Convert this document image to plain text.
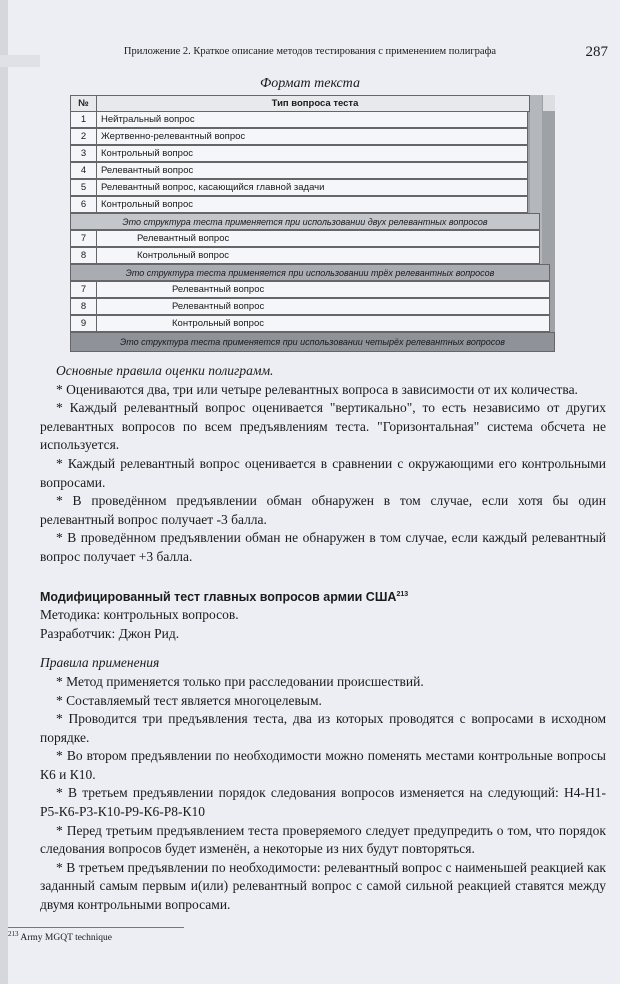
Приложение 2. Краткое описание методов тестирования с применением полиграфа	287
Формат текста
№	Тип вопроса теста
1	Нейтральный вопрос
2	Жертвенно-релевантный вопрос
3	Контрольный вопрос
4	Релевантный вопрос
5	Релевантный вопрос, касающийся главной задачи
6	Контрольный вопрос
Это структура теста применяется при использовании двух релевантных вопросов
7	Релевантный вопрос
8	Контрольный вопрос
Это структура теста применяется при использовании трёх релевантных вопросов
7	Релевантный вопрос
8	Релевантный вопрос
9	Контрольный вопрос
Это структура теста применяется при использовании четырёх релевантных вопросов

Основные правила оценки полиграмм.

* Оцениваются два, три или четыре релевантных вопроса в зависимости от их количества.

* Каждый релевантный вопрос оценивается "вертикально", то есть независимо от других релевантных вопросов по всем предъявлениям теста. "Горизонтальная" система обсчета не используется.

* Каждый релевантный вопрос оценивается в сравнении с окружающими его контрольными вопросами.

* В проведённом предъявлении обман обнаружен в том случае, если хотя бы один релевантный вопрос получает -3 балла.

* В проведённом предъявлении обман не обнаружен в том случае, если каждый релевантный вопрос получает +3 балла.

Модифицированный тест главных вопросов армии США$^{213}$

Методика: контрольных вопросов.

Разработчик: Джон Рид.

Правила применения

* Метод применяется только при расследовании происшествий.

* Составляемый тест является многоцелевым.

* Проводится три предъявления теста, два из которых проводятся с вопросами в исходном порядке.

* Во втором предъявлении по необходимости можно поменять местами контрольные вопросы К6 и К10.

* В третьем предъявлении порядок следования вопросов изменяется на следующий: Н4-Н1-Р5-К6-Р3-К10-Р9-К6-Р8-К10

* Перед третьим предъявлением теста проверяемого следует предупредить о том, что порядок следования вопросов будет изменён, а некоторые из них будут повторяться.

* В третьем предъявлении по необходимости: релевантный вопрос с наименьшей реакцией как заданный самым первым и(или) релевантный вопрос с самой сильной реакцией ставятся между двумя контрольными вопросами.

$^{213}$ Army MGQT technique
